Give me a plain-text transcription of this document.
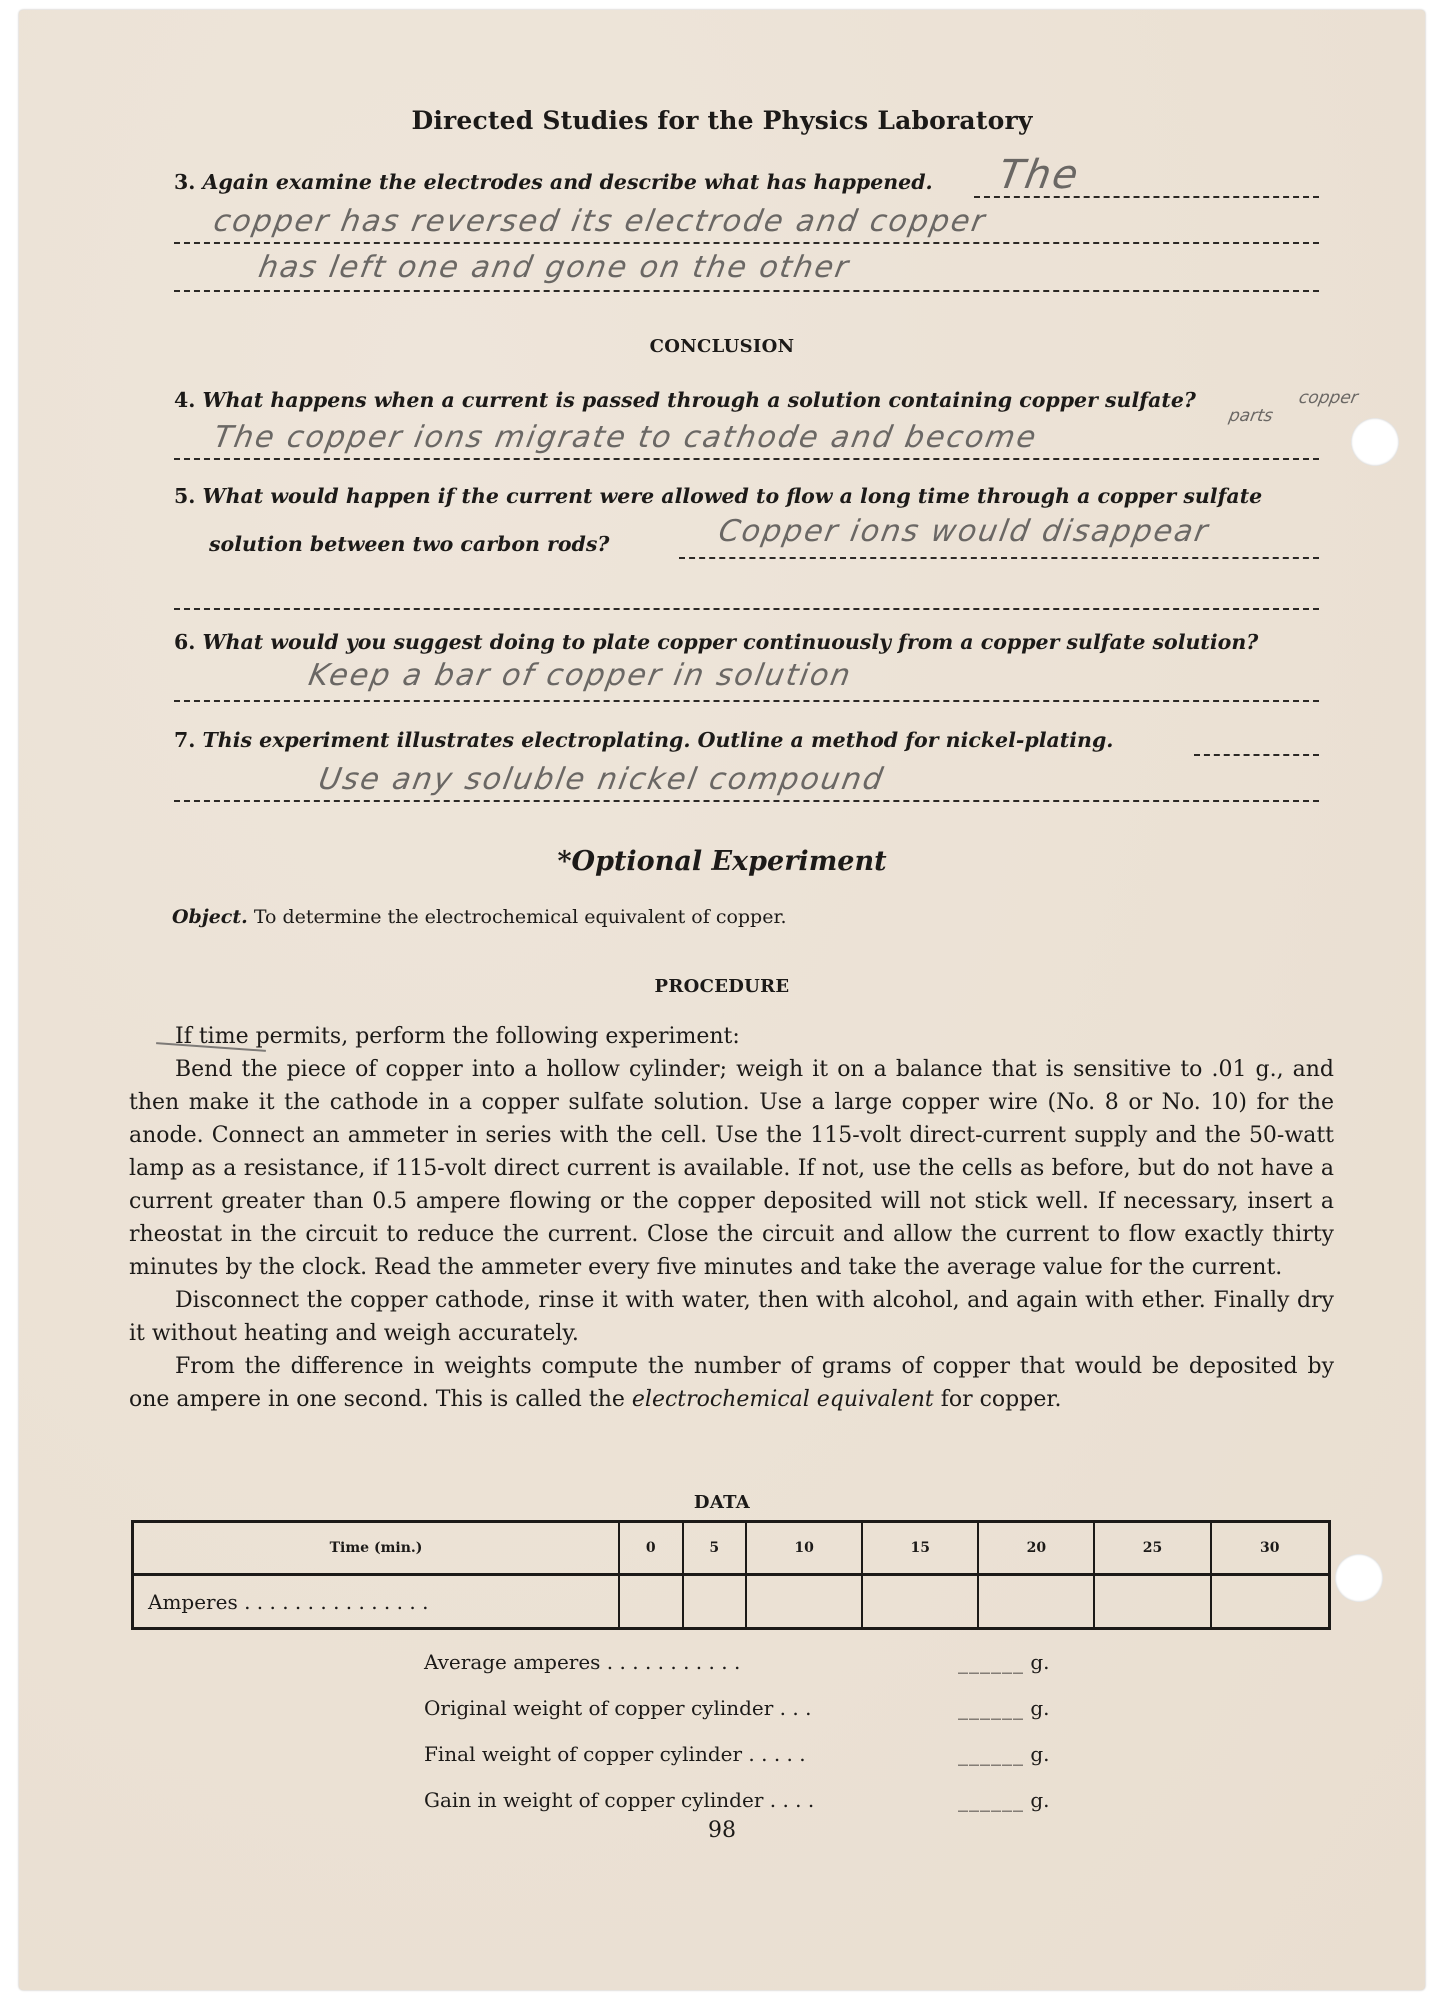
Directed Studies for the Physics Laboratory
3. Again examine the electrodes and describe what has happened. The
copper has reversed its electrode and copper
has left one and gone on the other
CONCLUSION
4. What happens when a current is passed through a solution containing copper sulfate?
The copper ions migrate to cathode and become
copper
parts
5. What would happen if the current were allowed to flow a long time through a copper sulfate
solution between two carbon rods?	Copper ions would disappear
6. What would you suggest doing to plate copper continuously from a copper sulfate solution?
Keep a bar of copper in solution
7. This experiment illustrates electroplating. Outline a method for nickel-plating.
Use any soluble nickel compound
*Optional Experiment
Object. To determine the electrochemical equivalent of copper.
PROCEDURE

If time permits, perform the following experiment:

Bend the piece of copper into a hollow cylinder; weigh it on a balance that is sensitive to .01 g., and then make it the cathode in a copper sulfate solution. Use a large copper wire (No. 8 or No. 10) for the anode. Connect an ammeter in series with the cell. Use the 115-volt direct-current supply and the 50-watt lamp as a resistance, if 115-volt direct current is available. If not, use the cells as before, but do not have a current greater than 0.5 ampere flowing or the copper deposited will not stick well. If necessary, insert a rheostat in the circuit to reduce the current. Close the circuit and allow the current to flow exactly thirty minutes by the clock. Read the ammeter every five minutes and take the average value for the current.

Disconnect the copper cathode, rinse it with water, then with alcohol, and again with ether. Finally dry it without heating and weigh accurately.

From the difference in weights compute the number of grams of copper that would be deposited by one ampere in one second. This is called the electrochemical equivalent for copper.

DATA
Time (min.)	0	5	10	15	20	25	30
Amperes . . . . . . . . . . . . . . .							
Average amperes . . . . . . . . . . .	______ g.
Original weight of copper cylinder . . .	______ g.
Final weight of copper cylinder . . . . .	______ g.
Gain in weight of copper cylinder . . . .	______ g.
98
